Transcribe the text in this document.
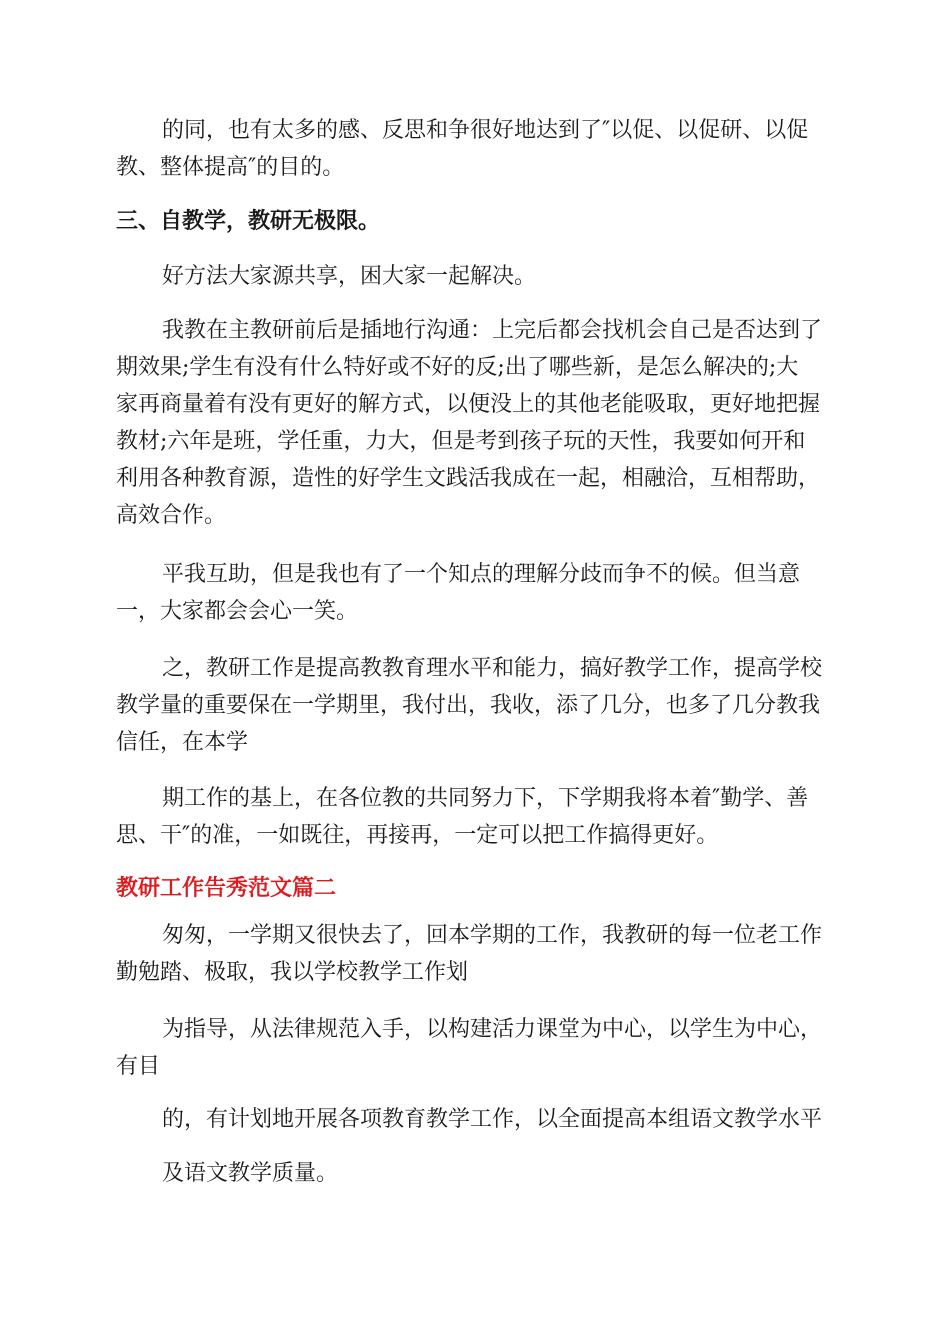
的同，也有太多的感、反思和争很好地达到了″以促、以促研、以促
教、整体提高″的目的。

三、自教学，教研无极限。

好方法大家源共享，困大家一起解决。

我教在主教研前后是插地行沟通：上完后都会找机会自己是否达到了
期效果;学生有没有什么特好或不好的反;出了哪些新，是怎么解决的;大
家再商量着有没有更好的解方式，以便没上的其他老能吸取，更好地把握
教材;六年是班，学任重，力大，但是考到孩子玩的天性，我要如何开和
利用各种教育源，造性的好学生文践活我成在一起，相融洽，互相帮助，
高效合作。

平我互助，但是我也有了一个知点的理解分歧而争不的候。但当意
一，大家都会会心一笑。

之，教研工作是提高教教育理水平和能力，搞好教学工作，提高学校
教学量的重要保在一学期里，我付出，我收，添了几分，也多了几分教我
信任，在本学

期工作的基上，在各位教的共同努力下，下学期我将本着″勤学、善
思、干″的准，一如既往，再接再，一定可以把工作搞得更好。

教研工作告秀范文篇二

匆匆，一学期又很快去了，回本学期的工作，我教研的每一位老工作
勤勉踏、极取，我以学校教学工作划

为指导，从法律规范入手，以构建活力课堂为中心，以学生为中心，
有目

的，有计划地开展各项教育教学工作，以全面提高本组语文教学水平

及语文教学质量。
